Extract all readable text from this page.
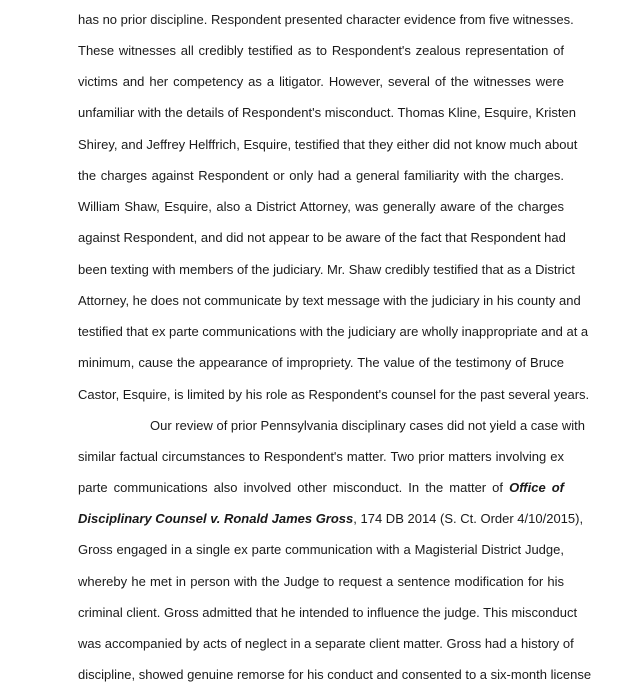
has no prior discipline. Respondent presented character evidence from five witnesses.
These witnesses all credibly testified as to Respondent's zealous representation of
victims and her competency as a litigator. However, several of the witnesses were
unfamiliar with the details of Respondent's misconduct. Thomas Kline, Esquire, Kristen
Shirey, and Jeffrey Helffrich, Esquire, testified that they either did not know much about
the charges against Respondent or only had a general familiarity with the charges.
William Shaw, Esquire, also a District Attorney, was generally aware of the charges
against Respondent, and did not appear to be aware of the fact that Respondent had
been texting with members of the judiciary. Mr. Shaw credibly testified that as a District
Attorney, he does not communicate by text message with the judiciary in his county and
testified that ex parte communications with the judiciary are wholly inappropriate and at a
minimum, cause the appearance of impropriety. The value of the testimony of Bruce
Castor, Esquire, is limited by his role as Respondent's counsel for the past several years.
Our review of prior Pennsylvania disciplinary cases did not yield a case with
similar factual circumstances to Respondent's matter. Two prior matters involving ex
parte communications also involved other misconduct. In the matter of Office of
Disciplinary Counsel v. Ronald James Gross, 174 DB 2014 (S. Ct. Order 4/10/2015),
Gross engaged in a single ex parte communication with a Magisterial District Judge,
whereby he met in person with the Judge to request a sentence modification for his
criminal client. Gross admitted that he intended to influence the judge. This misconduct
was accompanied by acts of neglect in a separate client matter. Gross had a history of
discipline, showed genuine remorse for his conduct and consented to a six-month license
